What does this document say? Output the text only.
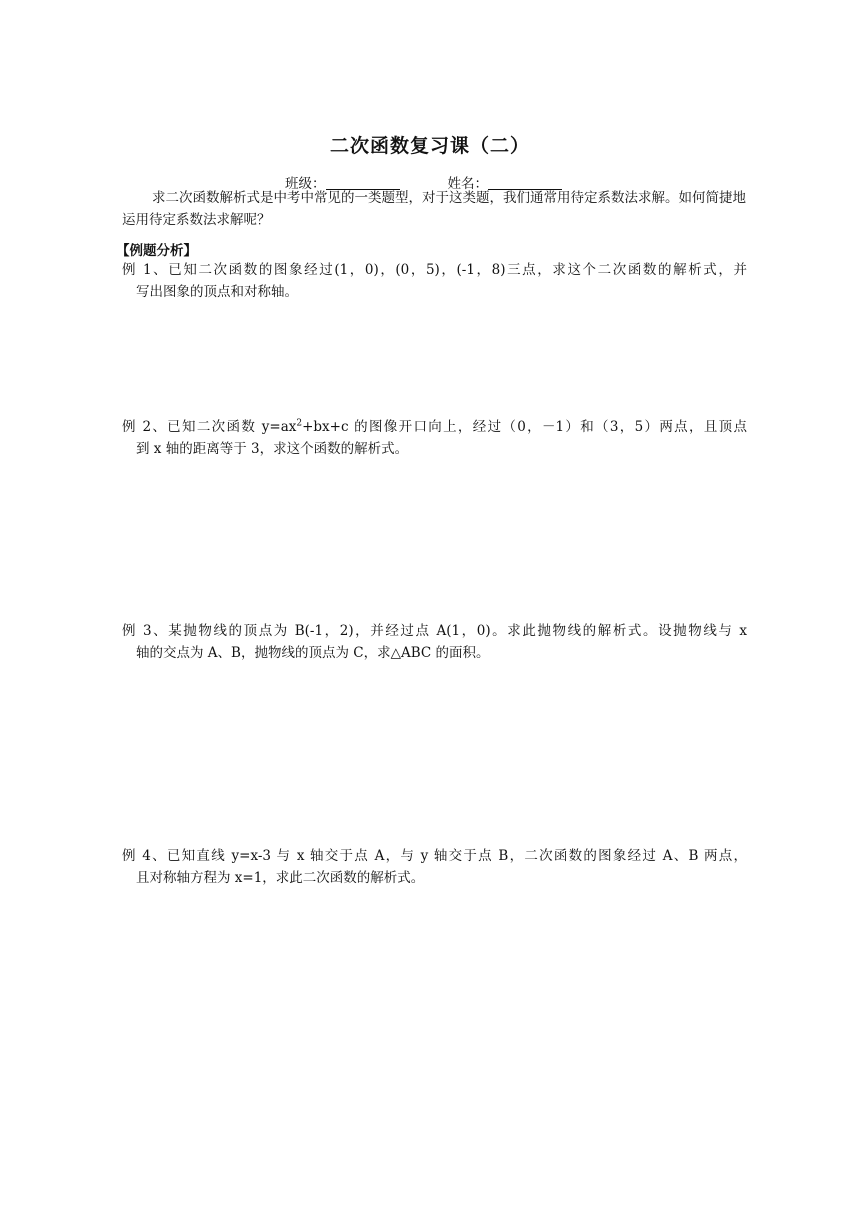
二次函数复习课（二）
班级：	姓名：
求二次函数解析式是中考中常见的一类题型，对于这类题，我们通常用待定系数法求解。如何简捷地运用待定系数法求解呢？
【例题分析】
例 1、已知二次函数的图象经过(1，0)，(0，5)，(-1，8)三点，求这个二次函数的解析式，并
写出图象的顶点和对称轴。
例 2、已知二次函数 $y=ax^2+bx+c$ 的图像开口向上，经过（0，－1）和（3，5）两点，且顶点
到 x 轴的距离等于 3，求这个函数的解析式。
例 3、某抛物线的顶点为 B(-1，2)，并经过点 A(1，0)。求此抛物线的解析式。设抛物线与 x
轴的交点为 A、B，抛物线的顶点为 C，求△ABC 的面积。
例 4、已知直线 y=x-3 与 x 轴交于点 A，与 y 轴交于点 B，二次函数的图象经过 A、B 两点，
且对称轴方程为 x=1，求此二次函数的解析式。
